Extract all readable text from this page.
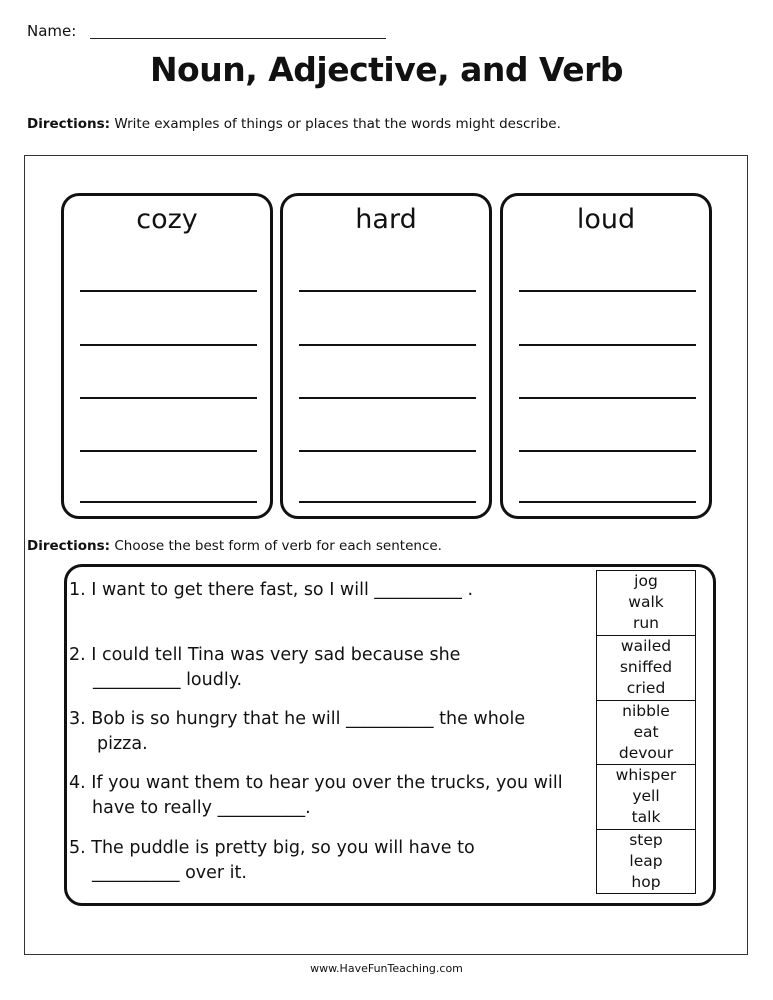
Name:
Noun, Adjective, and Verb
Directions: Write examples of things or places that the words might describe.
cozy	hard	loud
Directions: Choose the best form of verb for each sentence.
1. I want to get there fast, so I will __________ .
2. I could tell Tina was very sad because she
__________ loudly.
3. Bob is so hungry that he will __________ the whole
pizza.
4. If you want them to hear you over the trucks, you will
have to really __________.
5. The puddle is pretty big, so you will have to
__________ over it.
jog
walk
run
wailed
sniffed
cried
nibble
eat
devour
whisper
yell
talk
step
leap
hop
www.HaveFunTeaching.com
